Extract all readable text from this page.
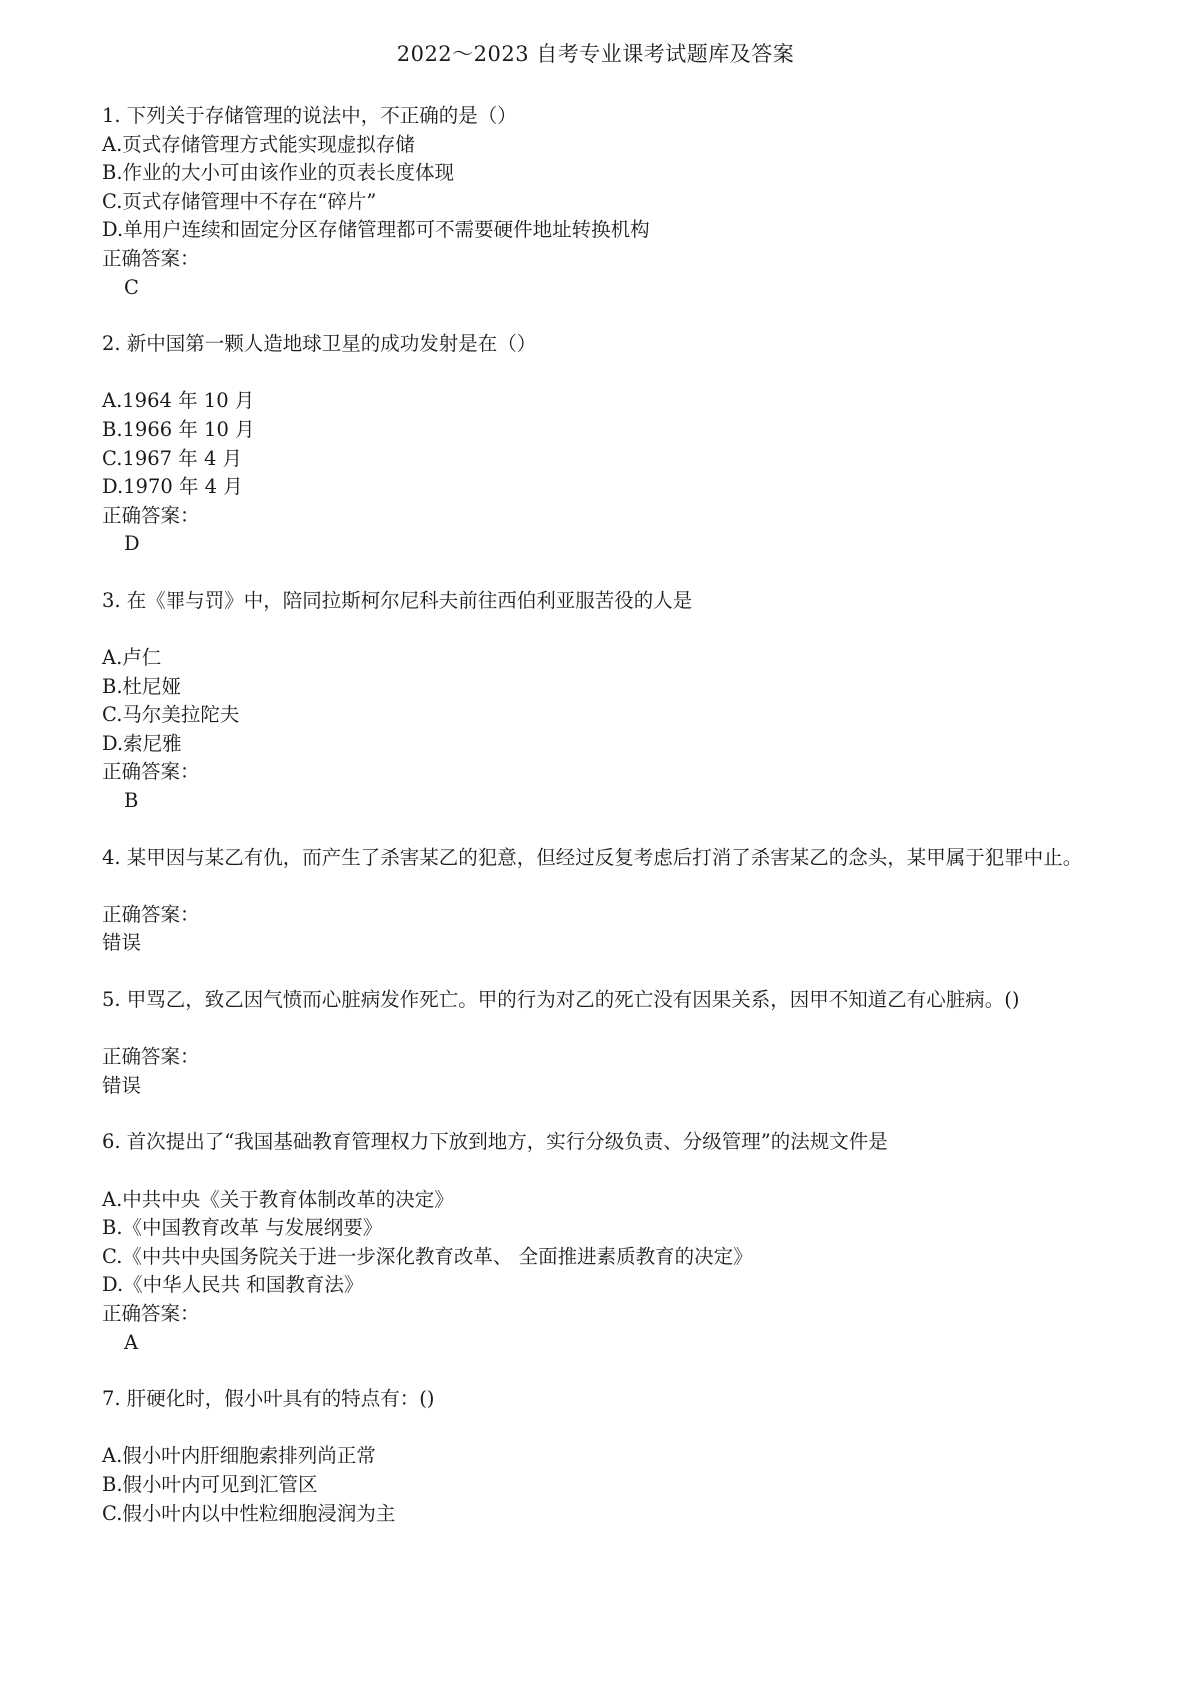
2022～2023 自考专业课考试题库及答案

1. 下列关于存储管理的说法中，不正确的是（）

A.页式存储管理方式能实现虚拟存储

B.作业的大小可由该作业的页表长度体现

C.页式存储管理中不存在“碎片”

D.单用户连续和固定分区存储管理都可不需要硬件地址转换机构

正确答案：

C

2. 新中国第一颗人造地球卫星的成功发射是在（）

A.1964 年 10 月

B.1966 年 10 月

C.1967 年 4 月

D.1970 年 4 月

正确答案：

D

3. 在《罪与罚》中，陪同拉斯柯尔尼科夫前往西伯利亚服苦役的人是

A.卢仁

B.杜尼娅

C.马尔美拉陀夫

D.索尼雅

正确答案：

B

4. 某甲因与某乙有仇，而产生了杀害某乙的犯意，但经过反复考虑后打消了杀害某乙的念头，某甲属于犯罪中止。

正确答案：

错误

5. 甲骂乙，致乙因气愤而心脏病发作死亡。甲的行为对乙的死亡没有因果关系，因甲不知道乙有心脏病。()

正确答案：

错误

6. 首次提出了“我国基础教育管理权力下放到地方，实行分级负责、分级管理”的法规文件是

A.中共中央《关于教育体制改革的决定》

B.《中国教育改革 与发展纲要》

C.《中共中央国务院关于进一步深化教育改革、 全面推进素质教育的决定》

D.《中华人民共 和国教育法》

正确答案：

A

7. 肝硬化时，假小叶具有的特点有：()

A.假小叶内肝细胞索排列尚正常

B.假小叶内可见到汇管区

C.假小叶内以中性粒细胞浸润为主
